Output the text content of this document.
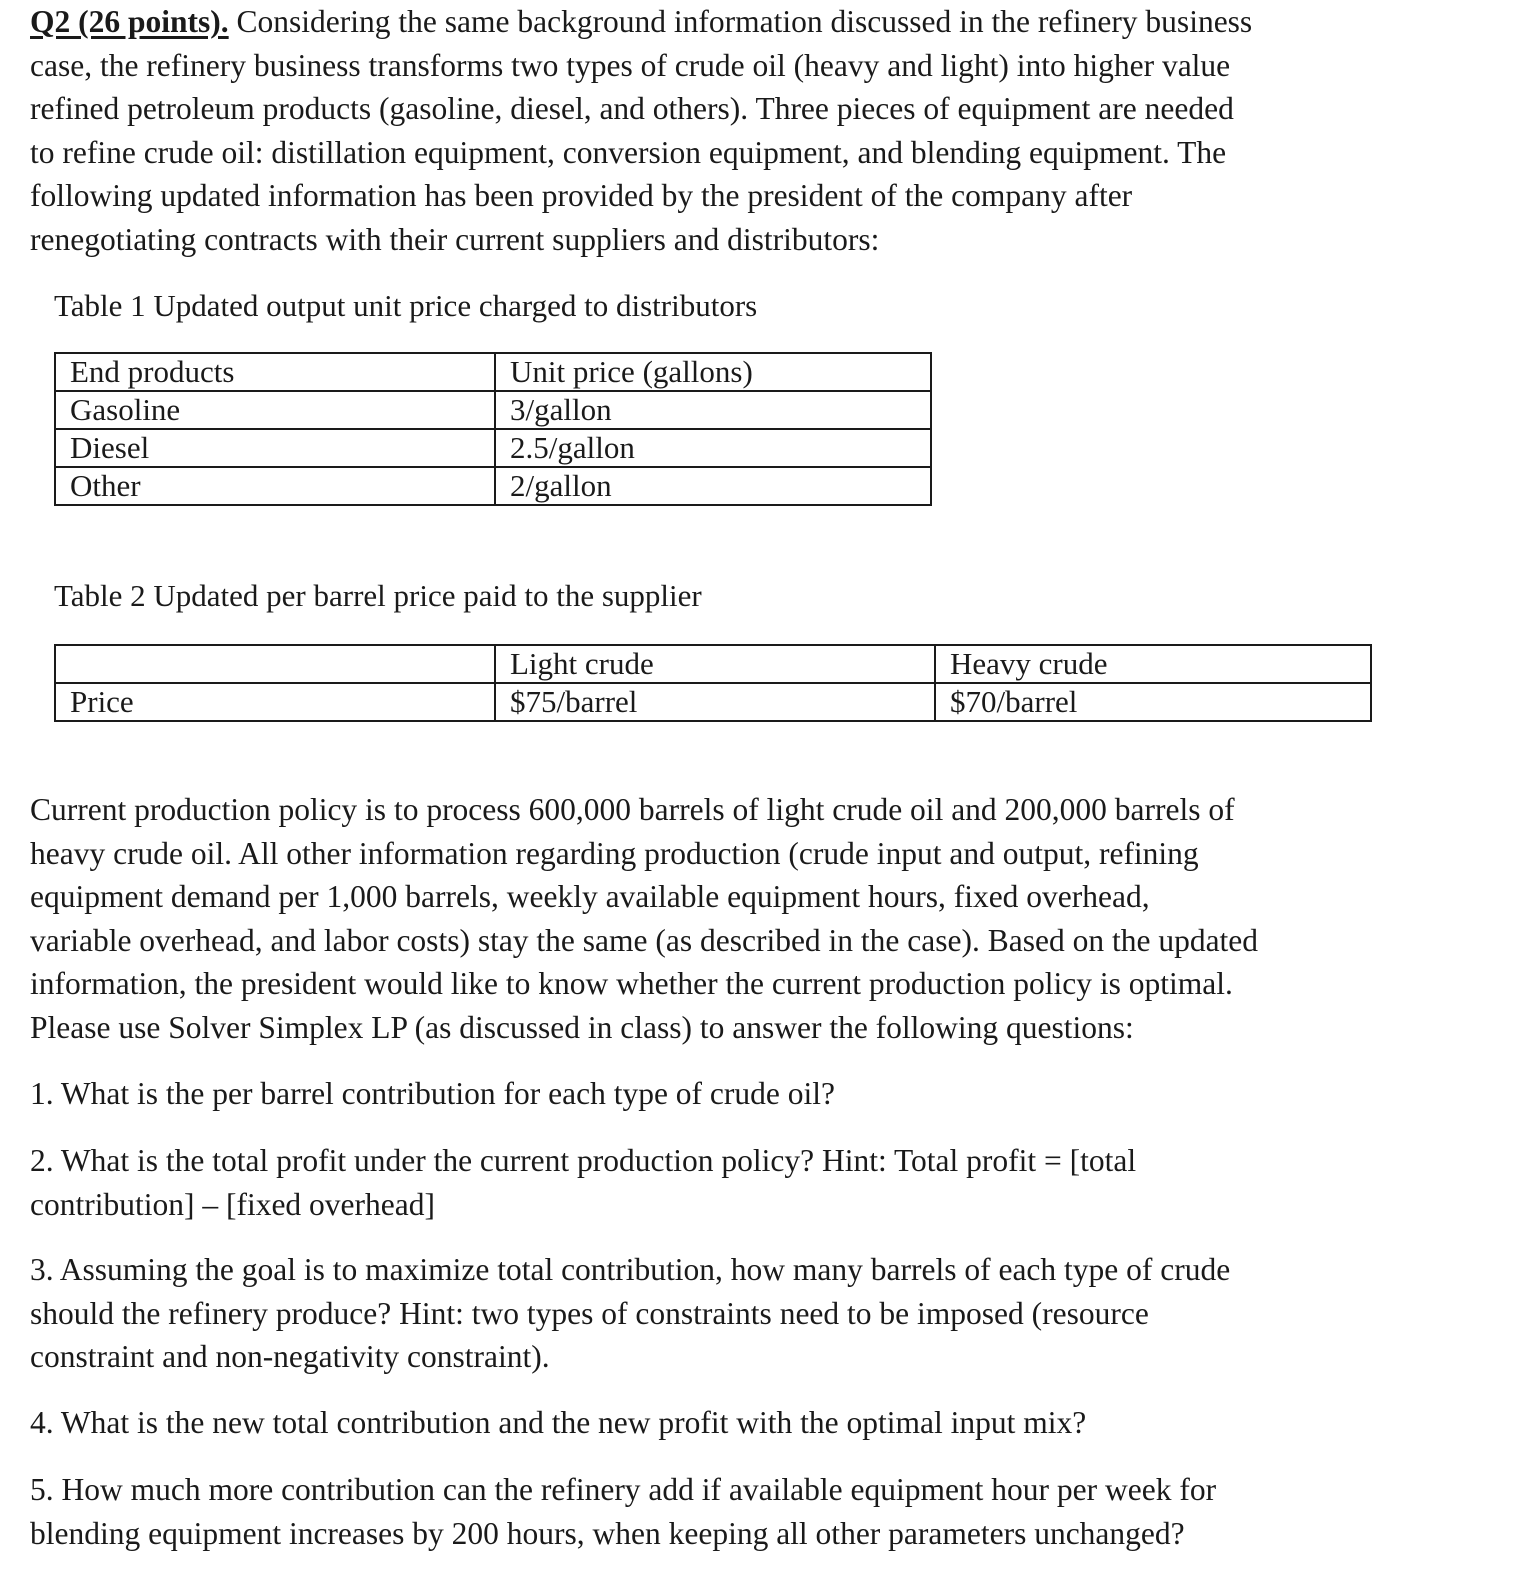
Q2 (26 points). Considering the same background information discussed in the refinery business
case, the refinery business transforms two types of crude oil (heavy and light) into higher value
refined petroleum products (gasoline, diesel, and others). Three pieces of equipment are needed
to refine crude oil: distillation equipment, conversion equipment, and blending equipment. The
following updated information has been provided by the president of the company after
renegotiating contracts with their current suppliers and distributors:

Table 1 Updated output unit price charged to distributors
End products	Unit price (gallons)
Gasoline	3/gallon
Diesel	2.5/gallon
Other	2/gallon
Table 2 Updated per barrel price paid to the supplier
	Light crude	Heavy crude
Price	$75/barrel	$70/barrel

Current production policy is to process 600,000 barrels of light crude oil and 200,000 barrels of
heavy crude oil. All other information regarding production (crude input and output, refining
equipment demand per 1,000 barrels, weekly available equipment hours, fixed overhead,
variable overhead, and labor costs) stay the same (as described in the case). Based on the updated
information, the president would like to know whether the current production policy is optimal.
Please use Solver Simplex LP (as discussed in class) to answer the following questions:

1. What is the per barrel contribution for each type of crude oil?
2. What is the total profit under the current production policy? Hint: Total profit = [total
contribution] – [fixed overhead]
3. Assuming the goal is to maximize total contribution, how many barrels of each type of crude
should the refinery produce? Hint: two types of constraints need to be imposed (resource
constraint and non-negativity constraint).
4. What is the new total contribution and the new profit with the optimal input mix?
5. How much more contribution can the refinery add if available equipment hour per week for
blending equipment increases by 200 hours, when keeping all other parameters unchanged?
